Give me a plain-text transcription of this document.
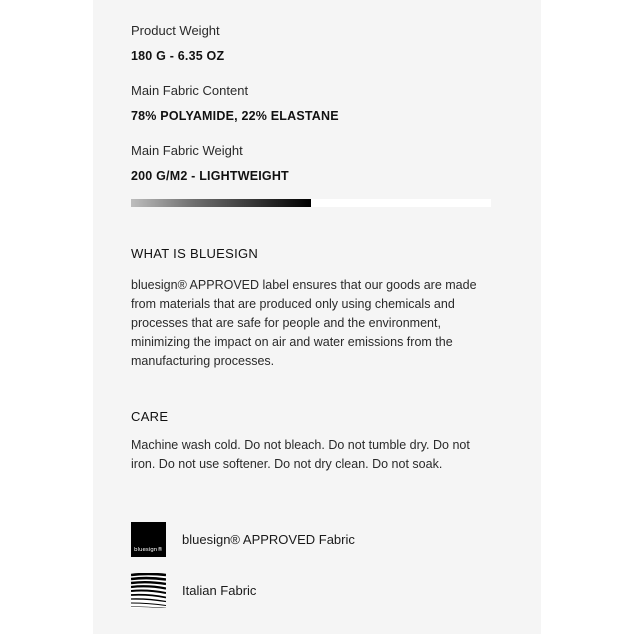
Product Weight
180 G - 6.35 OZ
Main Fabric Content
78% POLYAMIDE, 22% ELASTANE
Main Fabric Weight
200 G/M2 - LIGHTWEIGHT
WHAT IS BLUESIGN

bluesign® APPROVED label ensures that our goods are made from materials that are produced only using chemicals and processes that are safe for people and the environment, minimizing the impact on air and water emissions from the manufacturing processes.

CARE

Machine wash cold. Do not bleach. Do not tumble dry. Do not iron. Do not use softener. Do not dry clean. Do not soak.

bluesign®
bluesign® APPROVED Fabric
Italian Fabric
